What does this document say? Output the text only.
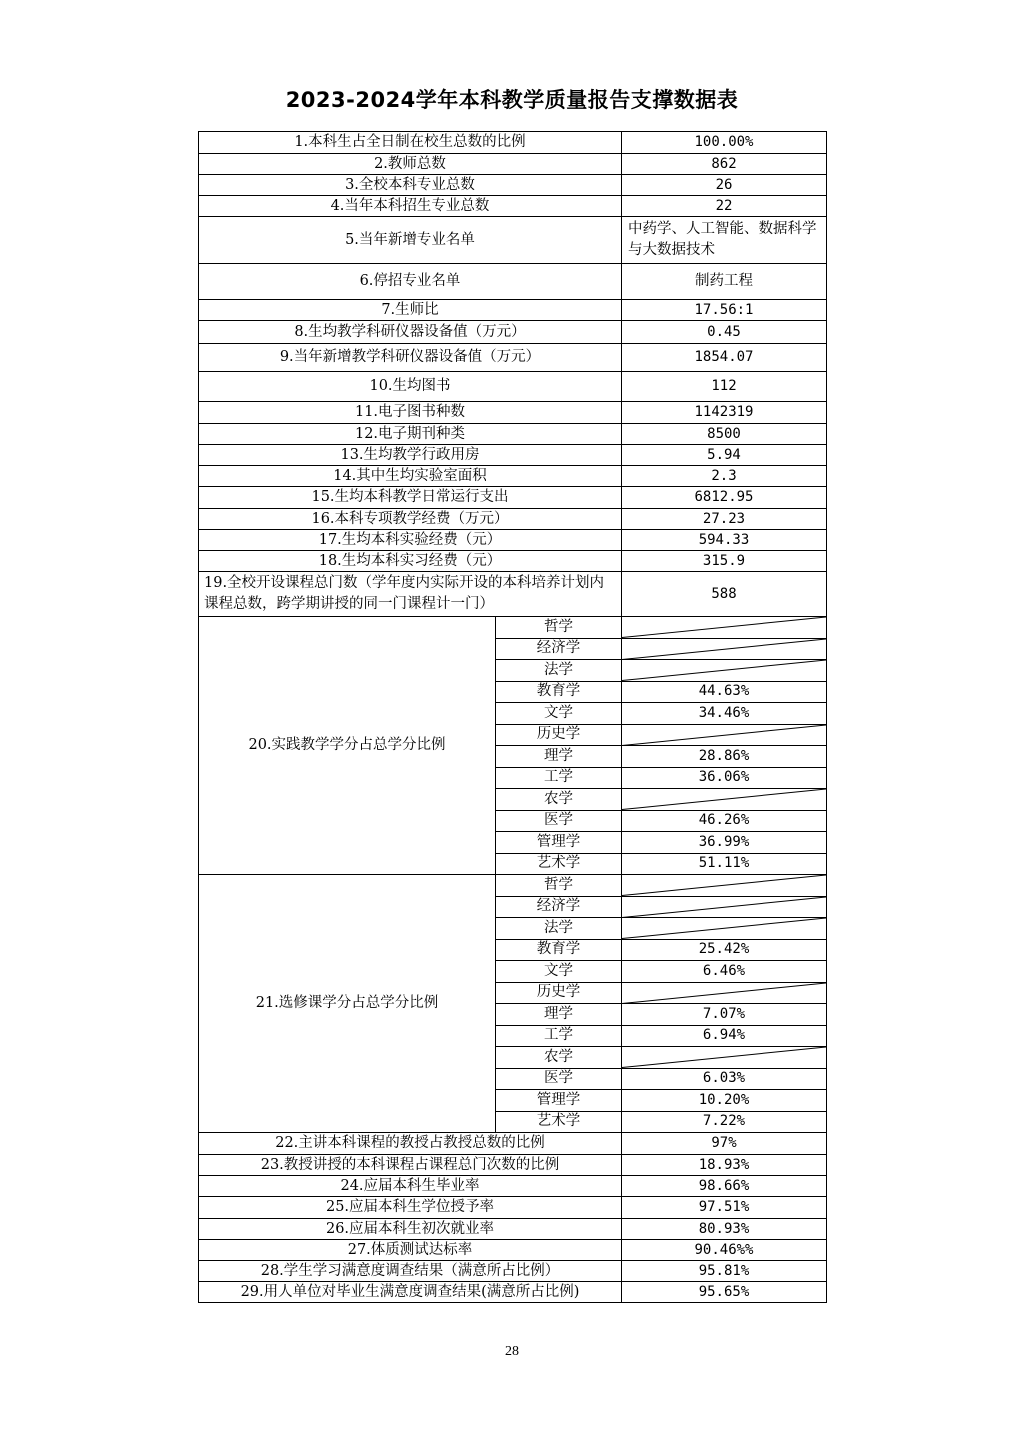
2023-2024学年本科教学质量报告支撑数据表
1.本科生占全日制在校生总数的比例		100.00%
2.教师总数		862
3.全校本科专业总数		26
4.当年本科招生专业总数		22
5.当年新增专业名单		中药学、人工智能、数据科学与大数据技术
6.停招专业名单		制药工程
7.生师比		17.56:1
8.生均教学科研仪器设备值（万元）		0.45
9.当年新增教学科研仪器设备值（万元）		1854.07
10.生均图书		112
11.电子图书种数		1142319
12.电子期刊种类		8500
13.生均教学行政用房		5.94
14.其中生均实验室面积		2.3
15.生均本科教学日常运行支出		6812.95
16.本科专项教学经费（万元）		27.23
17.生均本科实验经费（元）		594.33
18.生均本科实习经费（元）		315.9
19.全校开设课程总门数（学年度内实际开设的本科培养计划内课程总数，跨学期讲授的同一门课程计一门）		588
20.实践教学学分占总学分比例	哲学	

	经济学	

	法学	

	教育学	44.63%
	文学	34.46%
	历史学	

	理学	28.86%
	工学	36.06%
	农学	

	医学	46.26%
	管理学	36.99%
	艺术学	51.11%
21.选修课学分占总学分比例	哲学	

	经济学	

	法学	

	教育学	25.42%
	文学	6.46%
	历史学	

	理学	7.07%
	工学	6.94%
	农学	

	医学	6.03%
	管理学	10.20%
	艺术学	7.22%
22.主讲本科课程的教授占教授总数的比例		97%
23.教授讲授的本科课程占课程总门次数的比例		18.93%
24.应届本科生毕业率		98.66%
25.应届本科生学位授予率		97.51%
26.应届本科生初次就业率		80.93%
27.体质测试达标率		90.46%%
28.学生学习满意度调查结果（满意所占比例）		95.81%
29.用人单位对毕业生满意度调查结果(满意所占比例)		95.65%
28
